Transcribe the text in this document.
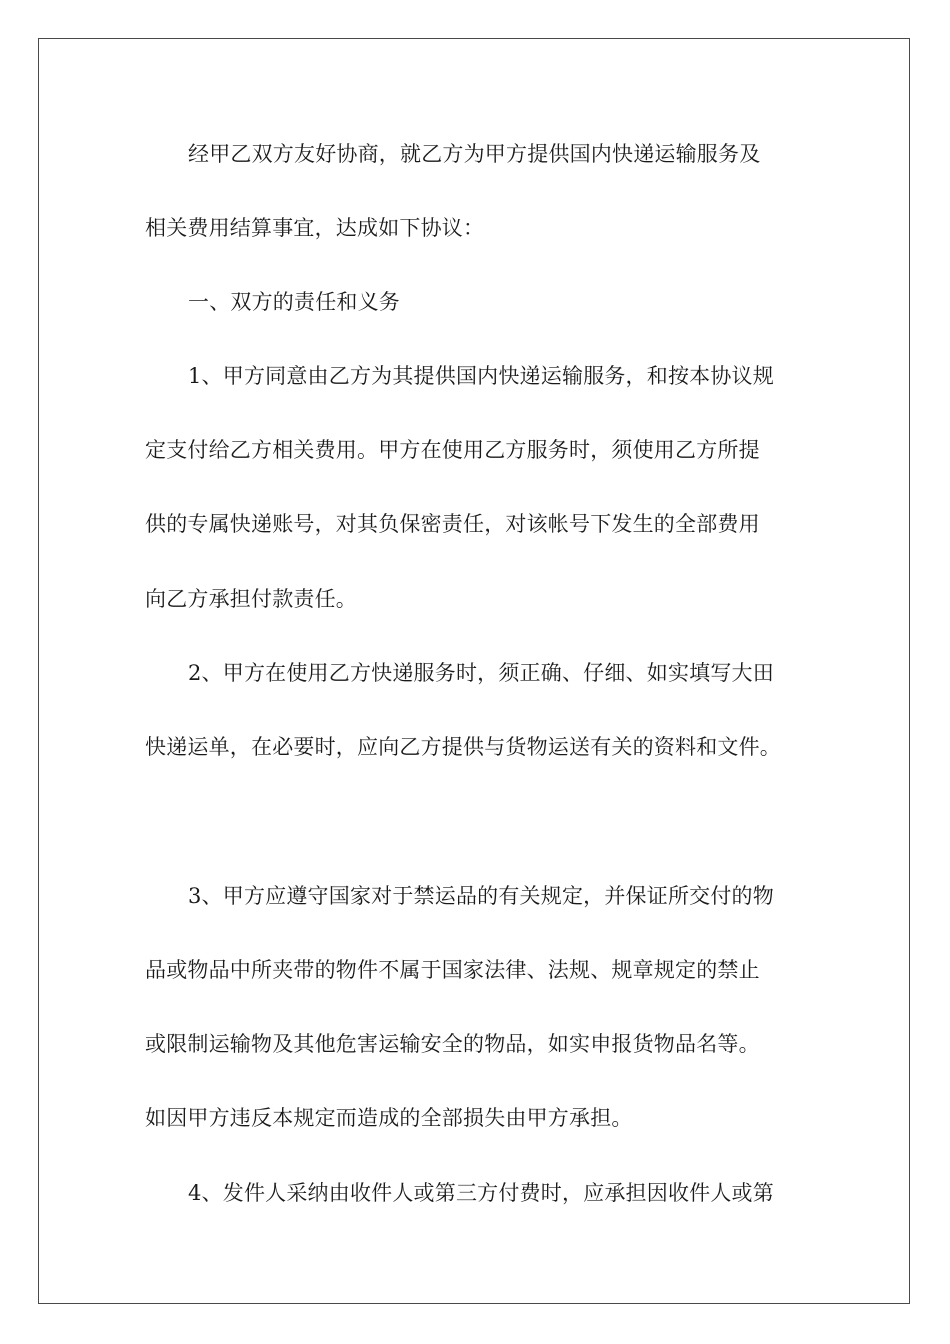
经甲乙双方友好协商，就乙方为甲方提供国内快递运输服务及
相关费用结算事宜，达成如下协议：
一、双方的责任和义务
1、甲方同意由乙方为其提供国内快递运输服务，和按本协议规
定支付给乙方相关费用。甲方在使用乙方服务时，须使用乙方所提
供的专属快递账号，对其负保密责任，对该帐号下发生的全部费用
向乙方承担付款责任。
2、甲方在使用乙方快递服务时，须正确、仔细、如实填写大田
快递运单，在必要时，应向乙方提供与货物运送有关的资料和文件。
3、甲方应遵守国家对于禁运品的有关规定，并保证所交付的物
品或物品中所夹带的物件不属于国家法律、法规、规章规定的禁止
或限制运输物及其他危害运输安全的物品，如实申报货物品名等。
如因甲方违反本规定而造成的全部损失由甲方承担。
4、发件人采纳由收件人或第三方付费时，应承担因收件人或第
